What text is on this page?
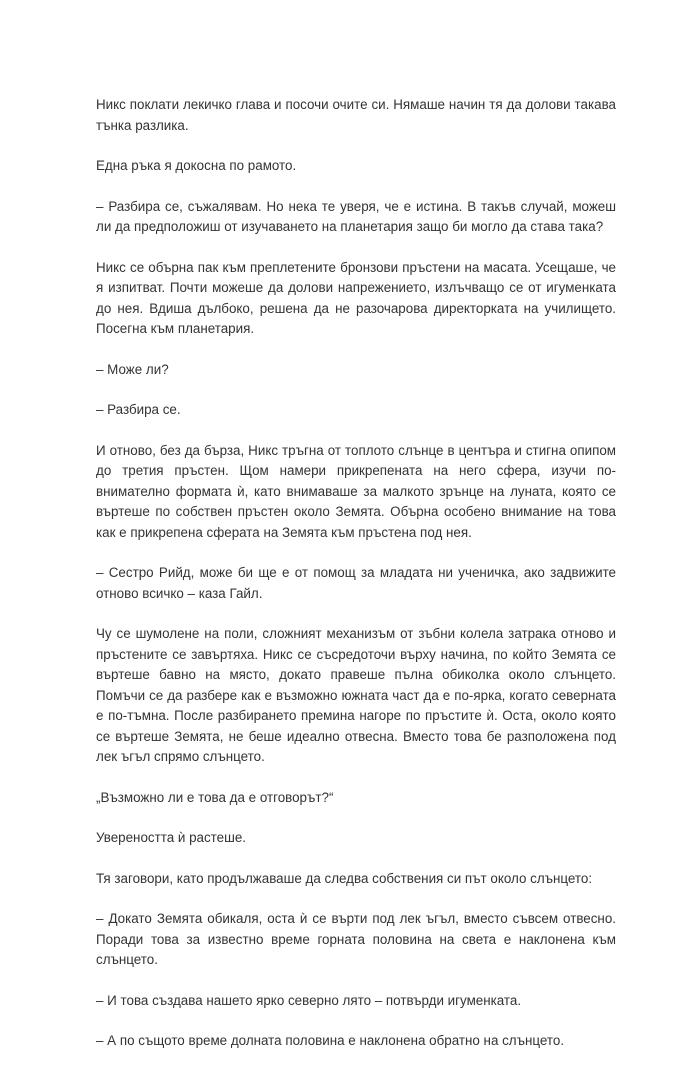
Никс поклати лекичко глава и посочи очите си. Нямаше начин тя да долови такава тънка разлика.

Една ръка я докосна по рамото.

– Разбира се, съжалявам. Но нека те уверя, че е истина. В такъв случай, можеш ли да предположиш от изучаването на планетария защо би могло да става така?

Никс се обърна пак към преплетените бронзови пръстени на масата. Усещаше, че я изпитват. Почти можеше да долови напрежението, излъчващо се от игуменката до нея. Вдиша дълбоко, решена да не разочарова директорката на училището. Посегна към планетария.

– Може ли?

– Разбира се.

И отново, без да бърза, Никс тръгна от топлото слънце в центъра и стигна опипом до третия пръстен. Щом намери прикрепената на него сфера, изучи по-внимателно формата ѝ, като внимаваше за малкото зрънце на луната, която се въртеше по собствен пръстен около Земята. Обърна особено внимание на това как е прикрепена сферата на Земята към пръстена под нея.

– Сестро Рийд, може би ще е от помощ за младата ни ученичка, ако задвижите отново всичко – каза Гайл.

Чу се шумолене на поли, сложният механизъм от зъбни колела затрака отново и пръстените се завъртяха. Никс се съсредоточи върху начина, по който Земята се въртеше бавно на място, докато правеше пълна обиколка около слънцето. Помъчи се да разбере как е възможно южната част да е по-ярка, когато северната е по-тъмна. После разбирането премина нагоре по пръстите ѝ. Оста, около която се въртеше Земята, не беше идеално отвесна. Вместо това бе разположена под лек ъгъл спрямо слънцето.

„Възможно ли е това да е отговорът?“

Увереността ѝ растеше.

Тя заговори, като продължаваше да следва собствения си път около слънцето:

– Докато Земята обикаля, оста ѝ се върти под лек ъгъл, вместо съвсем отвесно. Поради това за известно време горната половина на света е наклонена към слънцето.

– И това създава нашето ярко северно лято – потвърди игуменката.

– А по същото време долната половина е наклонена обратно на слънцето.
